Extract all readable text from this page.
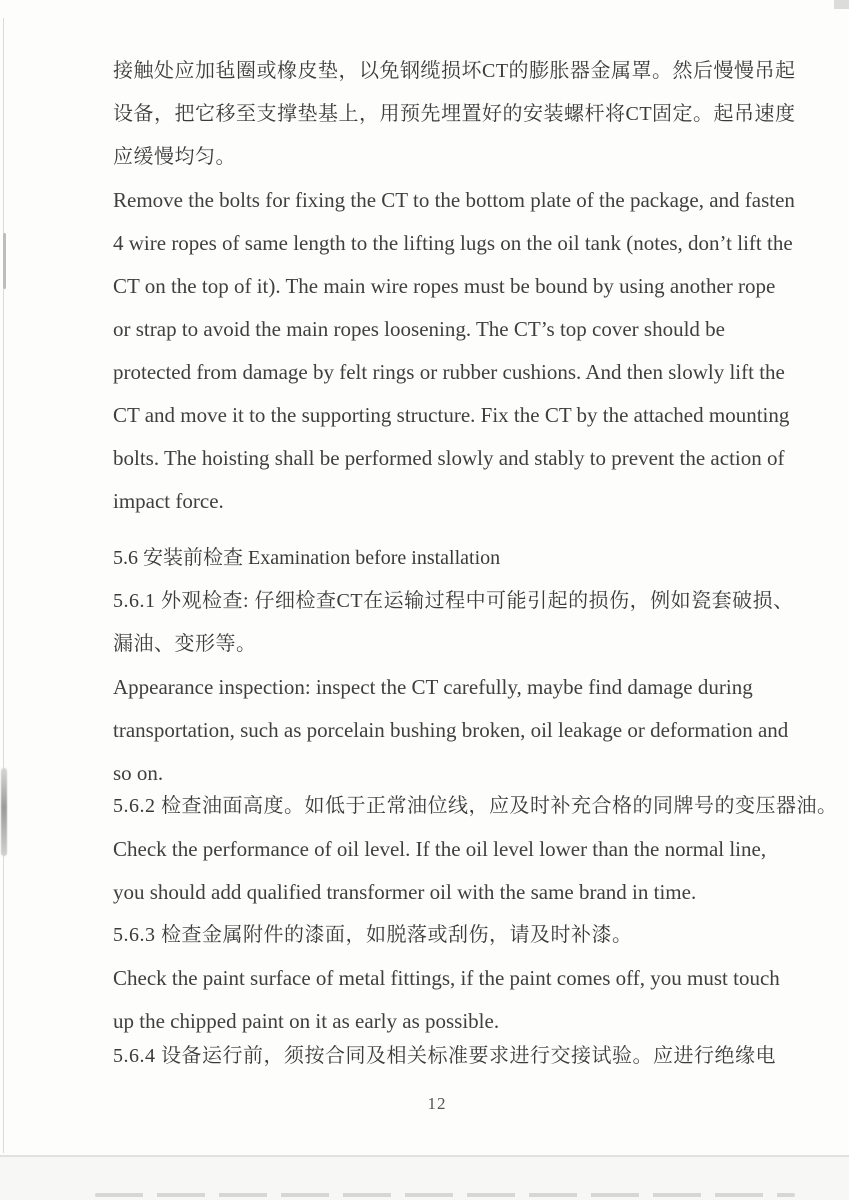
接触处应加毡圈或橡皮垫，以免钢缆损坏CT的膨胀器金属罩。然后慢慢吊起
设备，把它移至支撑垫基上，用预先埋置好的安装螺杆将CT固定。起吊速度
应缓慢均匀。
Remove the bolts for fixing the CT to the bottom plate of the package, and fasten
4 wire ropes of same length to the lifting lugs on the oil tank (notes, don’t lift the
CT on the top of it). The main wire ropes must be bound by using another rope
or strap to avoid the main ropes loosening. The CT’s top cover should be
protected from damage by felt rings or rubber cushions. And then slowly lift the
CT and move it to the supporting structure. Fix the CT by the attached mounting
bolts. The hoisting shall be performed slowly and stably to prevent the action of
impact force.
5.6 安装前检查 Examination before installation
5.6.1 外观检查: 仔细检查CT在运输过程中可能引起的损伤，例如瓷套破损、
漏油、变形等。
Appearance inspection: inspect the CT carefully, maybe find damage during
transportation, such as porcelain bushing broken, oil leakage or deformation and
so on.
5.6.2 检查油面高度。如低于正常油位线，应及时补充合格的同牌号的变压器油。
Check the performance of oil level. If the oil level lower than the normal line,
you should add qualified transformer oil with the same brand in time.
5.6.3 检查金属附件的漆面，如脱落或刮伤，请及时补漆。
Check the paint surface of metal fittings, if the paint comes off, you must touch
up the chipped paint on it as early as possible.
5.6.4 设备运行前，须按合同及相关标准要求进行交接试验。应进行绝缘电
12
